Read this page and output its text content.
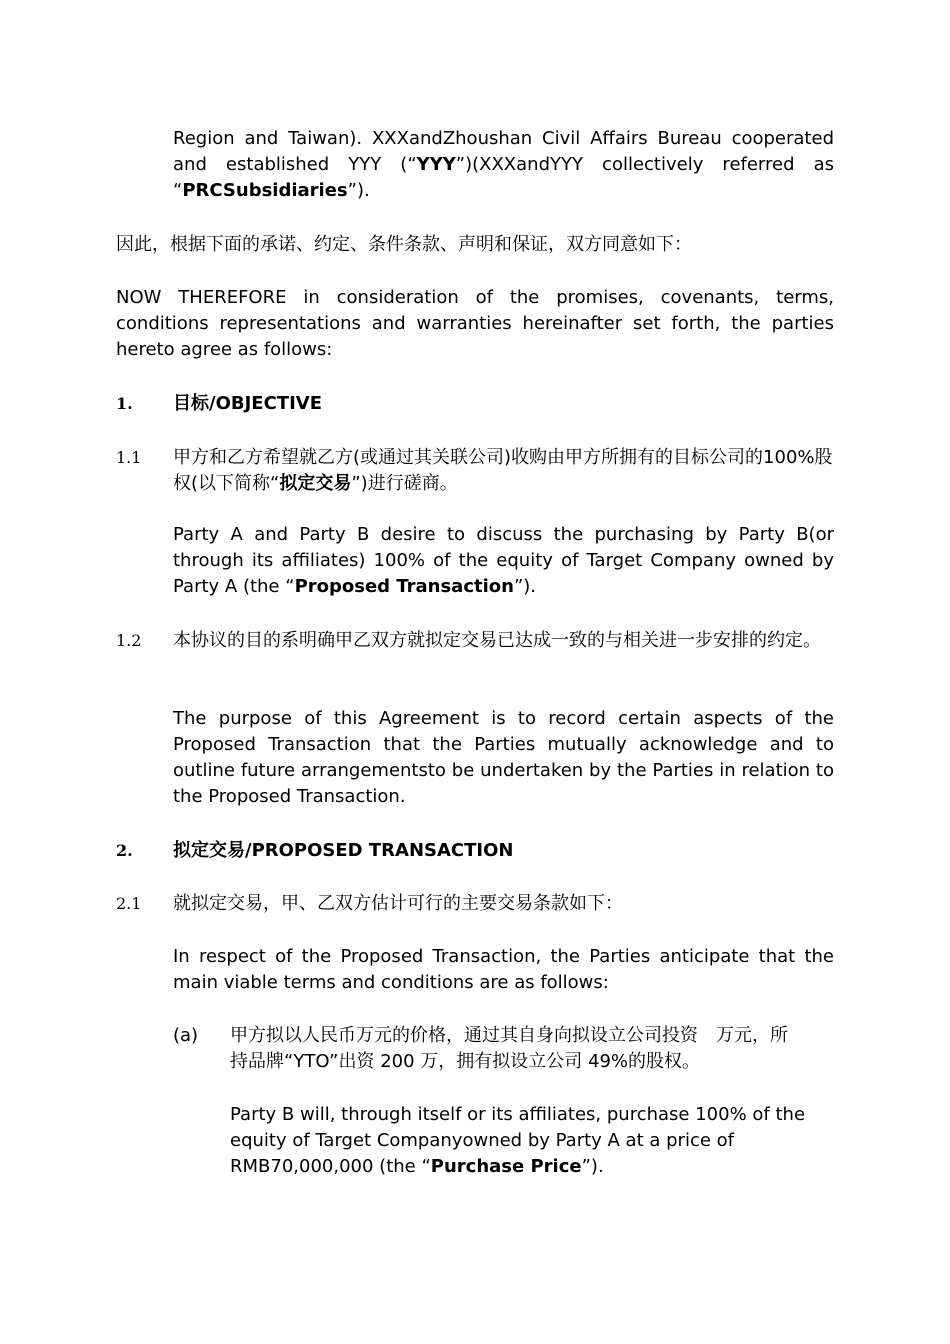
Region and Taiwan). XXXandZhoushan Civil Affairs Bureau cooperated and established YYY (“YYY”)(XXXandYYY collectively referred as “PRCSubsidiaries”).

因此，根据下面的承诺、约定、条件条款、声明和保证，双方同意如下：

NOW THEREFORE in consideration of the promises, covenants, terms, conditions representations and warranties hereinafter set forth, the parties hereto agree as follows:

1. 目标/OBJECTIVE
1.1 甲方和乙方希望就乙方(或通过其关联公司)收购由甲方所拥有的目标公司的100%股权(以下简称“拟定交易”)进行磋商。

Party A and Party B desire to discuss the purchasing by Party B(or through its affiliates) 100% of the equity of Target Company owned by Party A (the “Proposed Transaction”).

1.2 本协议的目的系明确甲乙双方就拟定交易已达成一致的与相关进一步安排的约定。

The purpose of this Agreement is to record certain aspects of the Proposed Transaction that the Parties mutually acknowledge and to outline future arrangementsto be undertaken by the Parties in relation to the Proposed Transaction.

2. 拟定交易/PROPOSED TRANSACTION
2.1 就拟定交易，甲、乙双方估计可行的主要交易条款如下：

In respect of the Proposed Transaction, the Parties anticipate that the main viable terms and conditions are as follows:

(a) 甲方拟以人民币万元的价格，通过其自身向拟设立公司投资　万元，所
持品牌“YTO”出资 200 万，拥有拟设立公司 49%的股权。

Party B will, through itself or its affiliates, purchase 100% of the equity of Target Companyowned by Party A at a price of RMB70,000,000 (the “Purchase Price”).
